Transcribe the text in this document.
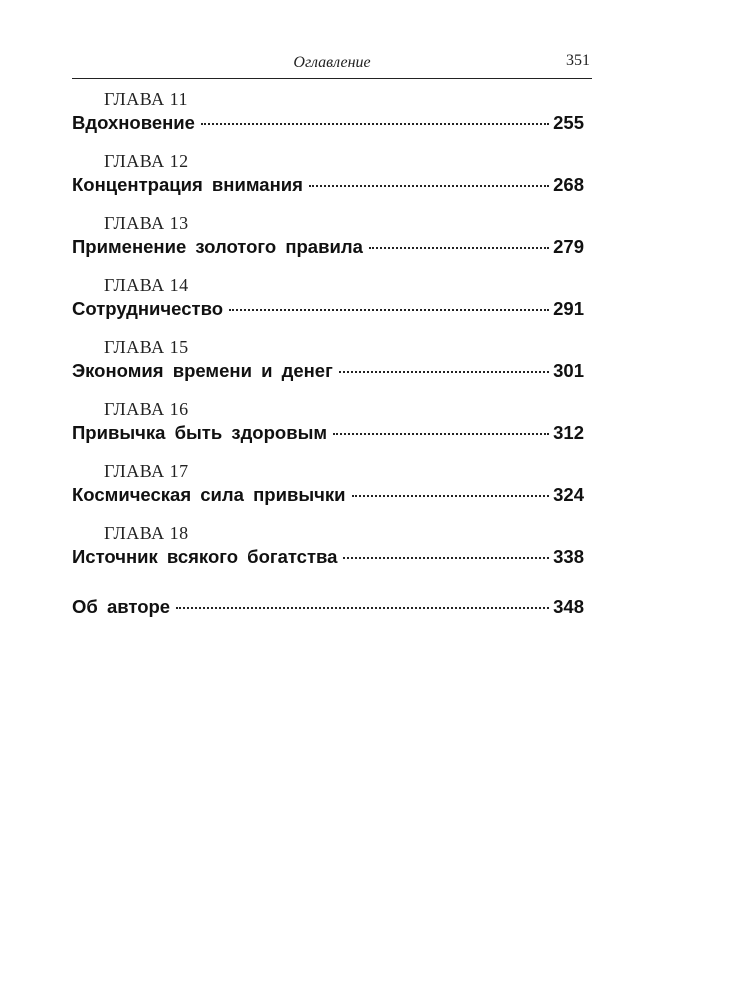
Оглавление	351
ГЛАВА 11
Вдохновение	255
ГЛАВА 12
Концентрация внимания	268
ГЛАВА 13
Применение золотого правила	279
ГЛАВА 14
Сотрудничество	291
ГЛАВА 15
Экономия времени и денег	301
ГЛАВА 16
Привычка быть здоровым	312
ГЛАВА 17
Космическая сила привычки	324
ГЛАВА 18
Источник всякого богатства	338
Об авторе	348
